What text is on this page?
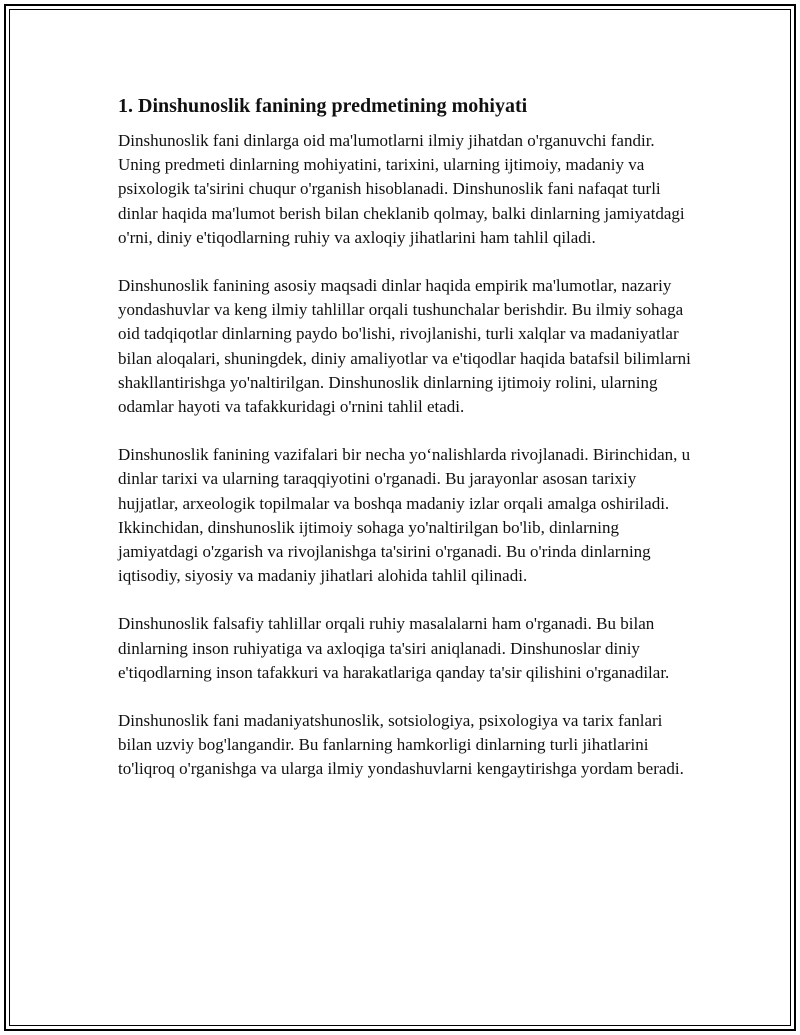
1. Dinshunoslik fanining predmetining mohiyati

Dinshunoslik fani dinlarga oid ma'lumotlarni ilmiy jihatdan o'rganuvchi fandir. Uning predmeti dinlarning mohiyatini, tarixini, ularning ijtimoiy, madaniy va psixologik ta'sirini chuqur o'rganish hisoblanadi. Dinshunoslik fani nafaqat turli dinlar haqida ma'lumot berish bilan cheklanib qolmay, balki dinlarning jamiyatdagi o'rni, diniy e'tiqodlarning ruhiy va axloqiy jihatlarini ham tahlil qiladi.

Dinshunoslik fanining asosiy maqsadi dinlar haqida empirik ma'lumotlar, nazariy yondashuvlar va keng ilmiy tahlillar orqali tushunchalar berishdir. Bu ilmiy sohaga oid tadqiqotlar dinlarning paydo bo'lishi, rivojlanishi, turli xalqlar va madaniyatlar bilan aloqalari, shuningdek, diniy amaliyotlar va e'tiqodlar haqida batafsil bilimlarni shakllantirishga yo'naltirilgan. Dinshunoslik dinlarning ijtimoiy rolini, ularning odamlar hayoti va tafakkuridagi o'rnini tahlil etadi.

Dinshunoslik fanining vazifalari bir necha yo‘nalishlarda rivojlanadi. Birinchidan, u dinlar tarixi va ularning taraqqiyotini o'rganadi. Bu jarayonlar asosan tarixiy hujjatlar, arxeologik topilmalar va boshqa madaniy izlar orqali amalga oshiriladi. Ikkinchidan, dinshunoslik ijtimoiy sohaga yo'naltirilgan bo'lib, dinlarning jamiyatdagi o'zgarish va rivojlanishga ta'sirini o'rganadi. Bu o'rinda dinlarning iqtisodiy, siyosiy va madaniy jihatlari alohida tahlil qilinadi.

Dinshunoslik falsafiy tahlillar orqali ruhiy masalalarni ham o'rganadi. Bu bilan dinlarning inson ruhiyatiga va axloqiga ta'siri aniqlanadi. Dinshunoslar diniy e'tiqodlarning inson tafakkuri va harakatlariga qanday ta'sir qilishini o'rganadilar.

Dinshunoslik fani madaniyatshunoslik, sotsiologiya, psixologiya va tarix fanlari bilan uzviy bog'langandir. Bu fanlarning hamkorligi dinlarning turli jihatlarini to'liqroq o'rganishga va ularga ilmiy yondashuvlarni kengaytirishga yordam beradi.
